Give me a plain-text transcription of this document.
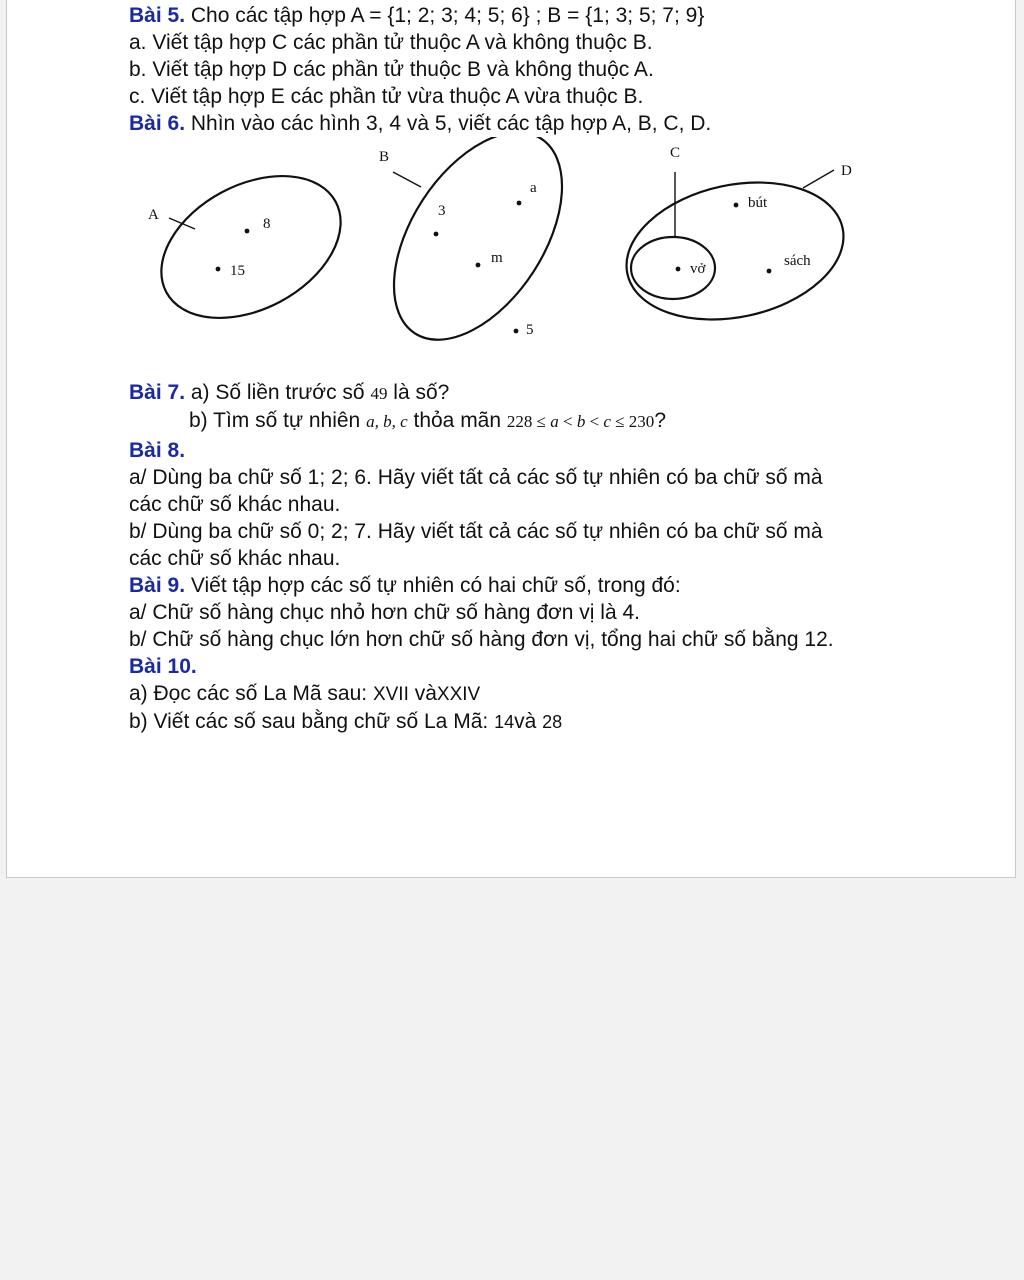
Bài 5. Cho các tập hợp A = {1; 2; 3; 4; 5; 6} ; B = {1; 3; 5; 7; 9}
a. Viết tập hợp C các phần tử thuộc A và không thuộc B.
b. Viết tập hợp D các phần tử thuộc B và không thuộc A.
c. Viết tập hợp E các phần tử vừa thuộc A vừa thuộc B.
Bài 6. Nhìn vào các hình 3, 4 và 5, viết các tập hợp A, B, C, D.
A
8
15
B
3
a
m
5
C
D
vở
bút
sách
Bài 7. a) Số liền trước số 49 là số?
b) Tìm số tự nhiên a, b, c thỏa mãn 228 ≤ a < b < c ≤ 230?
Bài 8.
a/ Dùng ba chữ số 1; 2; 6. Hãy viết tất cả các số tự nhiên có ba chữ số mà
các chữ số khác nhau.
b/ Dùng ba chữ số 0; 2; 7. Hãy viết tất cả các số tự nhiên có ba chữ số mà
các chữ số khác nhau.
Bài 9. Viết tập hợp các số tự nhiên có hai chữ số, trong đó:
a/ Chữ số hàng chục nhỏ hơn chữ số hàng đơn vị là 4.
b/ Chữ số hàng chục lớn hơn chữ số hàng đơn vị, tổng hai chữ số bằng 12.
Bài 10.
a) Đọc các số La Mã sau: XVII vàXXIV
b) Viết các số sau bằng chữ số La Mã: 14và 28
